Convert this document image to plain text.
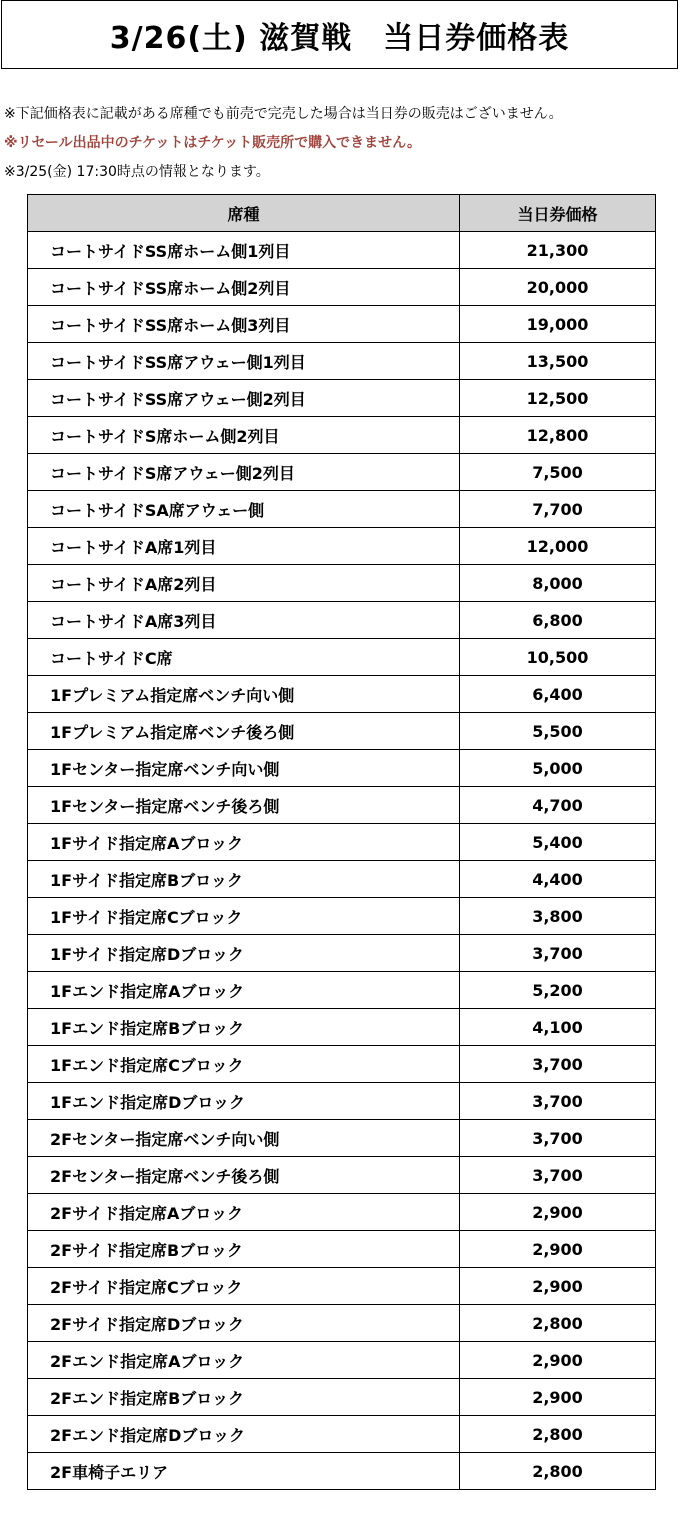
3/26(土) 滋賀戦　当日券価格表
※下記価格表に記載がある席種でも前売で完売した場合は当日券の販売はございません。
※リセール出品中のチケットはチケット販売所で購入できません。
※3/25(金) 17:30時点の情報となります。
席種	当日券価格
コートサイドSS席ホーム側1列目	21,300
コートサイドSS席ホーム側2列目	20,000
コートサイドSS席ホーム側3列目	19,000
コートサイドSS席アウェー側1列目	13,500
コートサイドSS席アウェー側2列目	12,500
コートサイドS席ホーム側2列目	12,800
コートサイドS席アウェー側2列目	7,500
コートサイドSA席アウェー側	7,700
コートサイドA席1列目	12,000
コートサイドA席2列目	8,000
コートサイドA席3列目	6,800
コートサイドC席	10,500
1Fプレミアム指定席ベンチ向い側	6,400
1Fプレミアム指定席ベンチ後ろ側	5,500
1Fセンター指定席ベンチ向い側	5,000
1Fセンター指定席ベンチ後ろ側	4,700
1Fサイド指定席Aブロック	5,400
1Fサイド指定席Bブロック	4,400
1Fサイド指定席Cブロック	3,800
1Fサイド指定席Dブロック	3,700
1Fエンド指定席Aブロック	5,200
1Fエンド指定席Bブロック	4,100
1Fエンド指定席Cブロック	3,700
1Fエンド指定席Dブロック	3,700
2Fセンター指定席ベンチ向い側	3,700
2Fセンター指定席ベンチ後ろ側	3,700
2Fサイド指定席Aブロック	2,900
2Fサイド指定席Bブロック	2,900
2Fサイド指定席Cブロック	2,900
2Fサイド指定席Dブロック	2,800
2Fエンド指定席Aブロック	2,900
2Fエンド指定席Bブロック	2,900
2Fエンド指定席Dブロック	2,800
2F車椅子エリア	2,800
